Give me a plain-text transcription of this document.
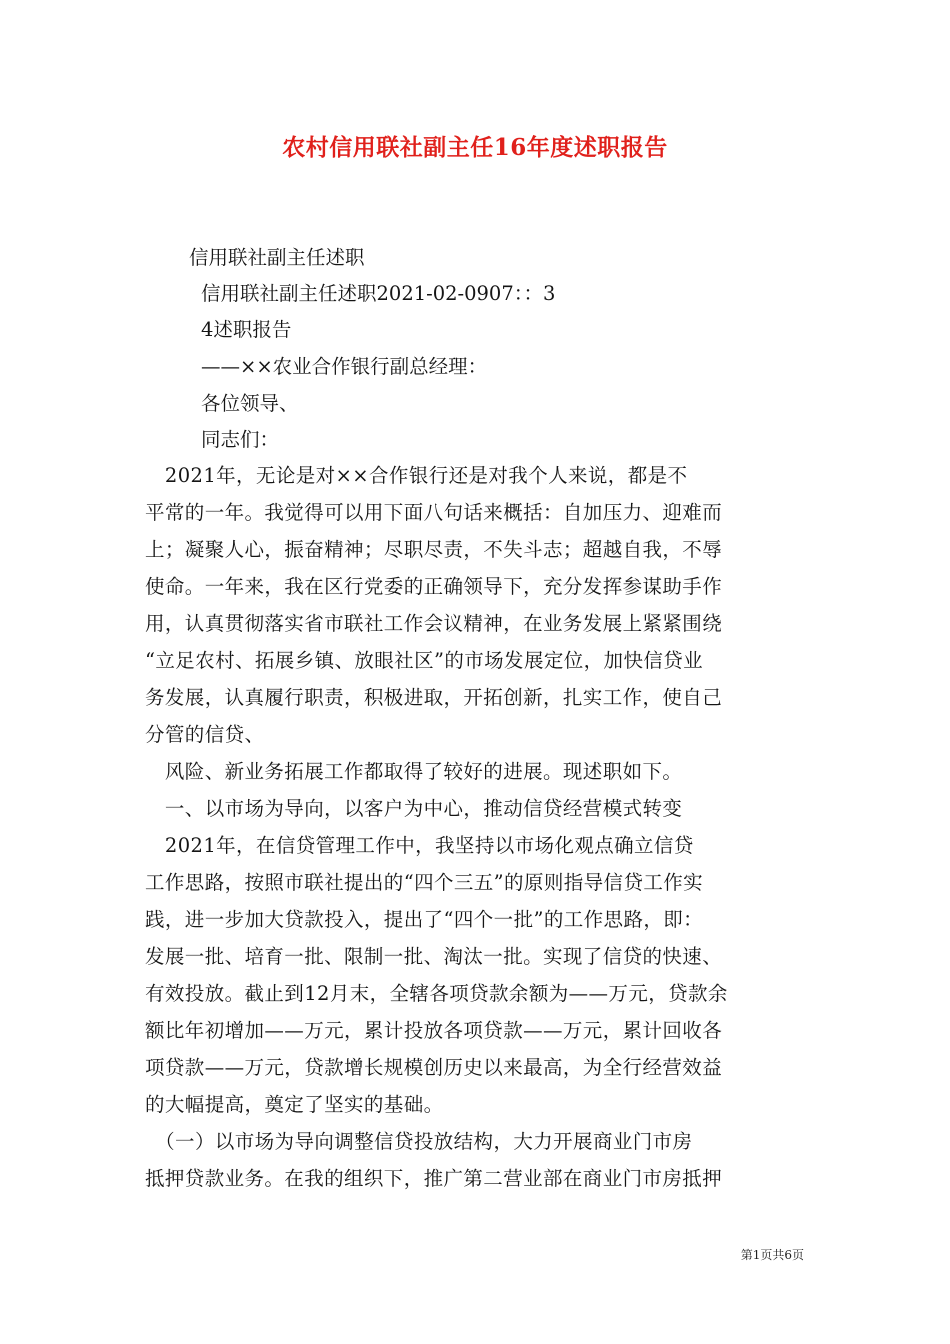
农村信用联社副主任16年度述职报告
信用联社副主任述职
信用联社副主任述职2021-02-0907：：3
4述职报告
——××农业合作银行副总经理：
各位领导、
同志们：
　2021年，无论是对××合作银行还是对我个人来说，都是不
平常的一年。我觉得可以用下面八句话来概括：自加压力、迎难而
上；凝聚人心，振奋精神；尽职尽责，不失斗志；超越自我，不辱
使命。一年来，我在区行党委的正确领导下，充分发挥参谋助手作
用，认真贯彻落实省市联社工作会议精神，在业务发展上紧紧围绕
“立足农村、拓展乡镇、放眼社区”的市场发展定位，加快信贷业
务发展，认真履行职责，积极进取，开拓创新，扎实工作，使自己
分管的信贷、
　风险、新业务拓展工作都取得了较好的进展。现述职如下。
　一、以市场为导向，以客户为中心，推动信贷经营模式转变
　2021年，在信贷管理工作中，我坚持以市场化观点确立信贷
工作思路，按照市联社提出的“四个三五”的原则指导信贷工作实
践，进一步加大贷款投入，提出了“四个一批”的工作思路，即：
发展一批、培育一批、限制一批、淘汰一批。实现了信贷的快速、
有效投放。截止到12月末，全辖各项贷款余额为——万元，贷款余
额比年初增加——万元，累计投放各项贷款——万元，累计回收各
项贷款——万元，贷款增长规模创历史以来最高，为全行经营效益
的大幅提高，奠定了坚实的基础。
　（一）以市场为导向调整信贷投放结构，大力开展商业门市房
抵押贷款业务。在我的组织下，推广第二营业部在商业门市房抵押
第1页共6页
